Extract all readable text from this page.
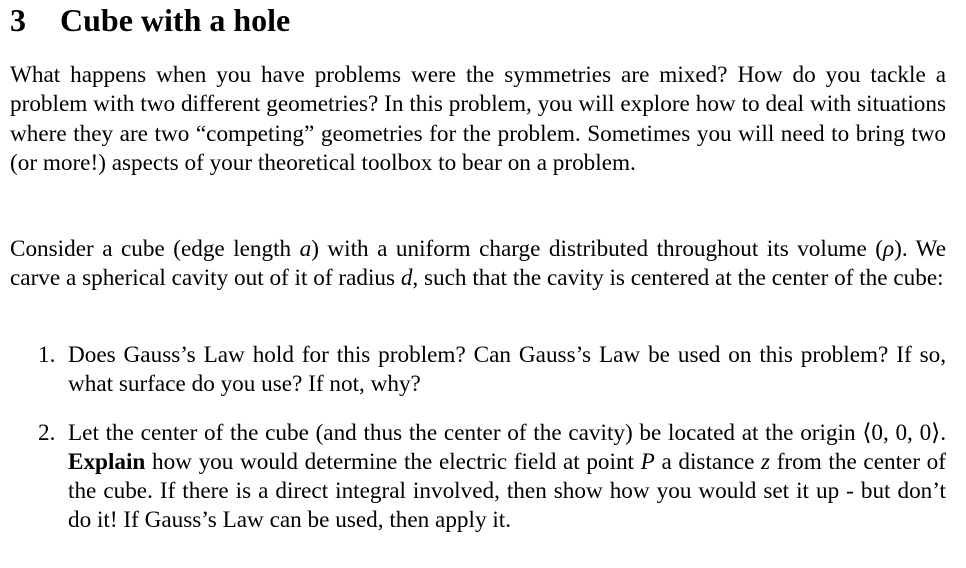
3 Cube with a hole

What happens when you have problems were the symmetries are mixed? How do you tackle a problem with two different geometries? In this problem, you will explore how to deal with situations where they are two “competing” geometries for the problem. Sometimes you will need to bring two (or more!) aspects of your theoretical toolbox to bear on a problem.

Consider a cube (edge length a) with a uniform charge distributed throughout its volume (ρ). We carve a spherical cavity out of it of radius d, such that the cavity is centered at the center of the cube:

1. Does Gauss’s Law hold for this problem? Can Gauss’s Law be used on this problem? If so, what surface do you use? If not, why?
2. Let the center of the cube (and thus the center of the cavity) be located at the origin ⟨0, 0, 0⟩. Explain how you would determine the electric field at point P a distance z from the center of the cube. If there is a direct integral involved, then show how you would set it up - but don’t do it! If Gauss’s Law can be used, then apply it.
